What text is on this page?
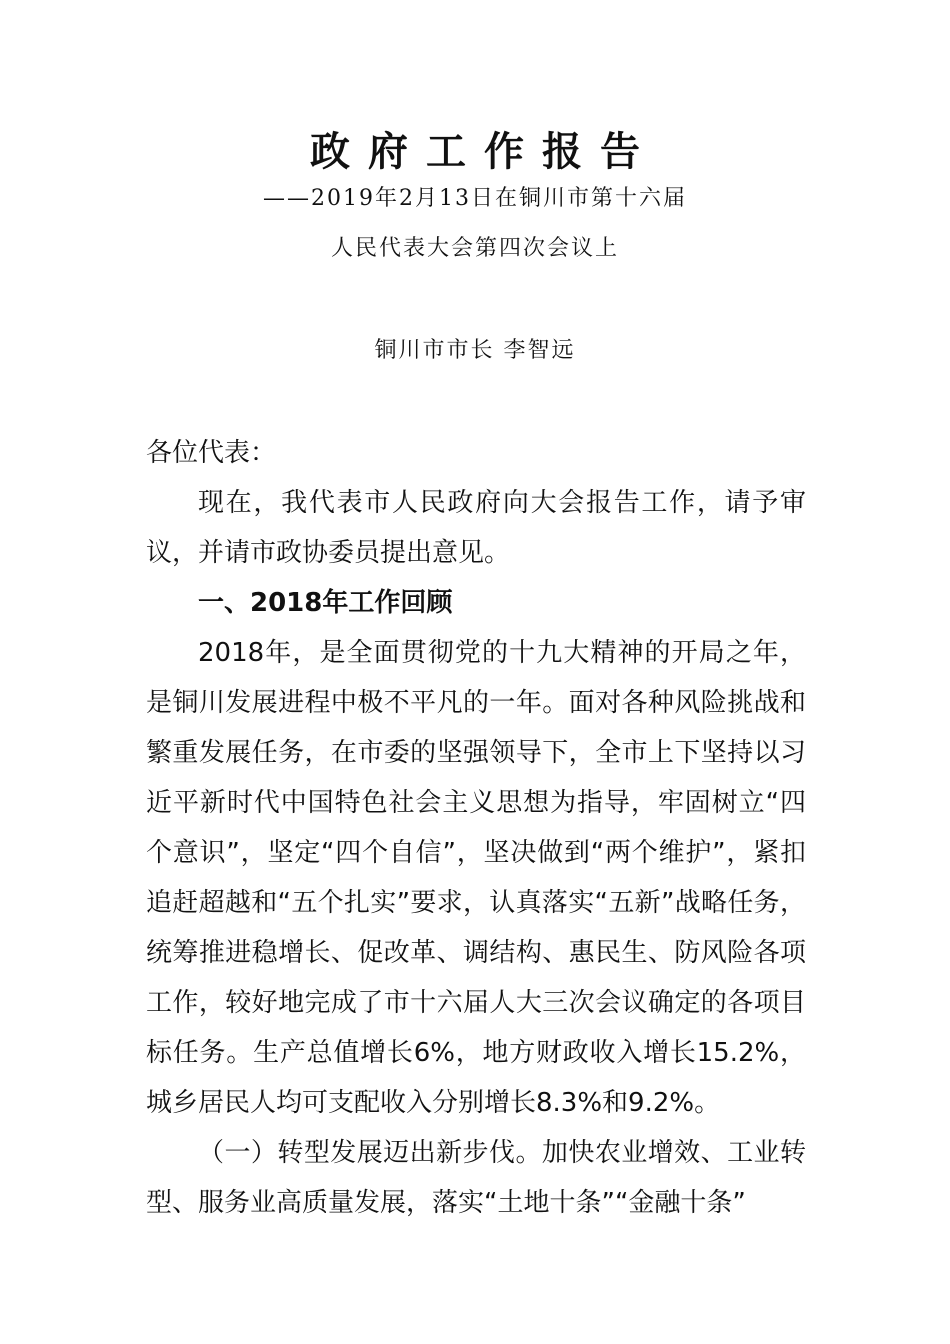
政府工作报告
——2019年2月13日在铜川市第十六届
人民代表大会第四次会议上
铜川市市长 李智远

各位代表：

现在，我代表市人民政府向大会报告工作，请予审议，并请市政协委员提出意见。

一、2018年工作回顾

2018年，是全面贯彻党的十九大精神的开局之年，是铜川发展进程中极不平凡的一年。面对各种风险挑战和繁重发展任务，在市委的坚强领导下，全市上下坚持以习近平新时代中国特色社会主义思想为指导，牢固树立“四个意识”，坚定“四个自信”，坚决做到“两个维护”，紧扣追赶超越和“五个扎实”要求，认真落实“五新”战略任务，统筹推进稳增长、促改革、调结构、惠民生、防风险各项工作，较好地完成了市十六届人大三次会议确定的各项目标任务。生产总值增长6%，地方财政收入增长15.2%，城乡居民人均可支配收入分别增长8.3%和9.2%。

（一）转型发展迈出新步伐。加快农业增效、工业转型、服务业高质量发展，落实“土地十条”“金融十条”
